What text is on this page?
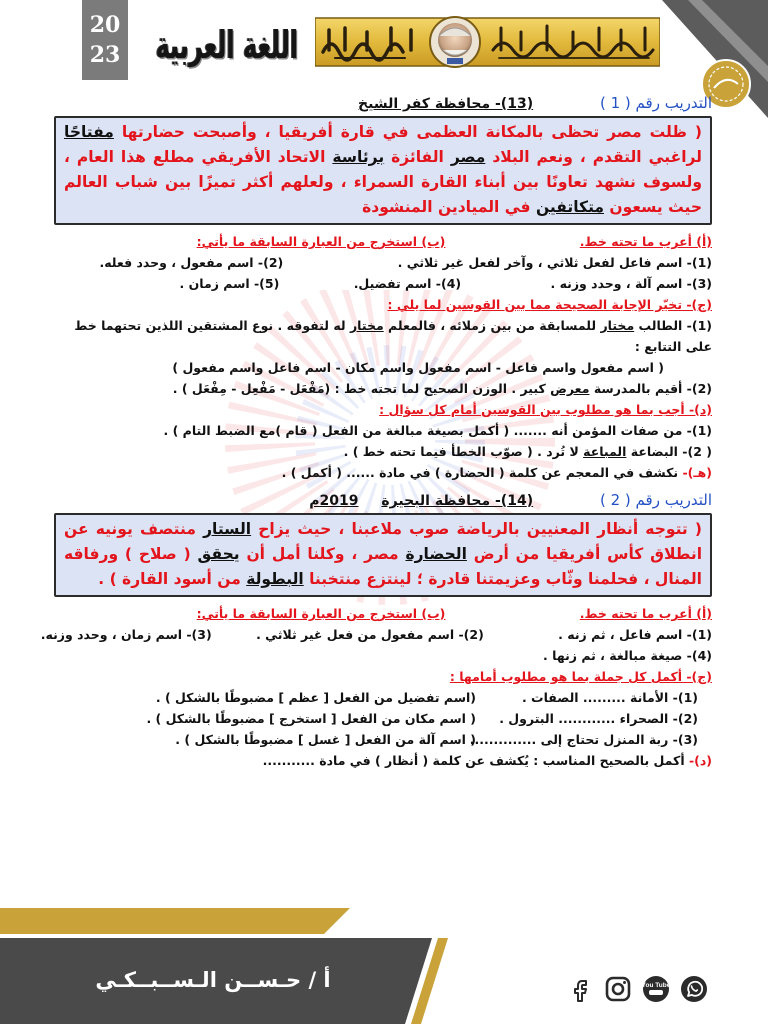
20
23 اللغة العربية
التدريب رقم ( 1 ) (13)- محافظة كفر الشيخ
( ظلت مصر تحظى بالمكانة العظمى في قارة أفريقيا ، وأصبحت حضارتها مفتاحًا لراغبي التقدم ، ونعم البلاد مصر الفائزة برئاسة الاتحاد الأفريقي مطلع هذا العام ، ولسوف نشهد تعاونًا بين أبناء القارة السمراء ، ولعلهم أكثر تميزًا بين شباب العالم حيث يسعون متكاتفين في الميادين المنشودة
(أ) أعرب ما تحته خط. (ب) استخرج من العبارة السابقة ما يأتي:
(1)- اسم فاعل لفعل ثلاثي ، وآخر لفعل غير ثلاثي . (2)- اسم مفعول ، وحدد فعله.
(3)- اسم آلة ، وحدد وزنه . (4)- اسم تفضيل. (5)- اسم زمان .
(ج)- تخيّر الإجابة الصحيحة مما بين القوسين لما يلي :
(1)- الطالب مختار للمسابقة من بين زملائه ، فالمعلم مختار له لتفوقه . نوع المشتقين اللذين تحتهما خط على التتابع :
( اسم مفعول واسم فاعل - اسم مفعول واسم مكان - اسم فاعل واسم مفعول )
(2)- أقيم بالمدرسة معرض كبير . الوزن الصحيح لما تحته خط : (مَفْعَل - مَفْعِل - مِفْعَل ) .
(د)- أجب بما هو مطلوب بين القوسين أمام كل سؤال :
(1)- من صفات المؤمن أنه ....... ( أكمل بصيغة مبالغة من الفعل ( قام )مع الضبط التام ) .
( 2)- البضاعة المباعة لا تُرد . ( صوّب الخطأ فيما تحته خط ) .
(هـ)- نكشف في المعجم عن كلمة ( الحضارة ) في مادة ...... ( أكمل ) .
التدريب رقم ( 2 ) (14)- محافظة البحيرة 2019م
( تتوجه أنظار المعنيين بالرياضة صوب ملاعبنا ، حيث يزاح الستار منتصف يونيه عن انطلاق كأس أفريقيا من أرض الحضارة مصر ، وكلنا أمل أن يحقق ( صلاح ) ورفاقه المنال ، فحلمنا وثّاب وعزيمتنا قادرة ؛ لينتزع منتخبنا البطولة من أسود القارة ) .
(أ) أعرب ما تحته خط. (ب) استخرج من العبارة السابقة ما يأتي:
(1)- اسم فاعل ، ثم زنه . (2)- اسم مفعول من فعل غير ثلاثي . (3)- اسم زمان ، وحدد وزنه.
(4)- صيغة مبالغة ، ثم زنها .
(ج)- أكمل كل جملة بما هو مطلوب أمامها :
(1)- الأمانة ......... الصفات .
(اسم تفضيل من الفعل [ عظم ] مضبوطًا بالشكل ) .
(2)- الصحراء ............ البترول .
( اسم مكان من الفعل [ استخرج ] مضبوطًا بالشكل ) .
(3)- ربة المنزل تحتاج إلى ..............
( اسم آلة من الفعل [ غسل ] مضبوطًا بالشكل ) .
(د)- أكمل بالصحيح المناسب : يُكشف عن كلمة ( أنظار ) في مادة ...........
أ / حـســن الـســبــكـي	You Tube
